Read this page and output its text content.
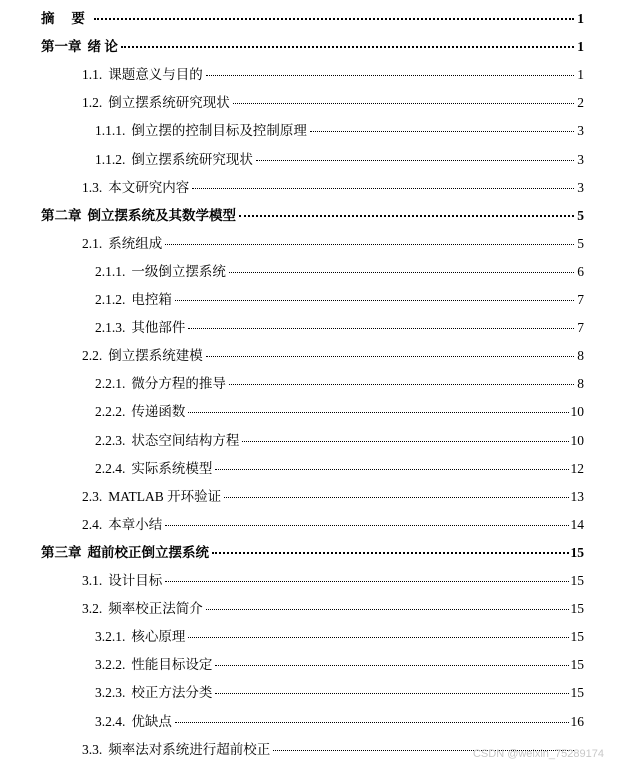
摘     要	1
第一章 绪 论	1
1.1. 课题意义与目的	1
1.2. 倒立摆系统研究现状	2
1.1.1. 倒立摆的控制目标及控制原理	3
1.1.2. 倒立摆系统研究现状	3
1.3. 本文研究内容	3
第二章 倒立摆系统及其数学模型	5
2.1. 系统组成	5
2.1.1. 一级倒立摆系统	6
2.1.2. 电控箱	7
2.1.3. 其他部件	7
2.2. 倒立摆系统建模	8
2.2.1. 微分方程的推导	8
2.2.2. 传递函数	10
2.2.3. 状态空间结构方程	10
2.2.4. 实际系统模型	12
2.3. MATLAB 开环验证	13
2.4. 本章小结	14
第三章 超前校正倒立摆系统	15
3.1. 设计目标	15
3.2. 频率校正法简介	15
3.2.1. 核心原理	15
3.2.2. 性能目标设定	15
3.2.3. 校正方法分类	15
3.2.4. 优缺点	16
3.3. 频率法对系统进行超前校正	CSDN @weixin_75289174
